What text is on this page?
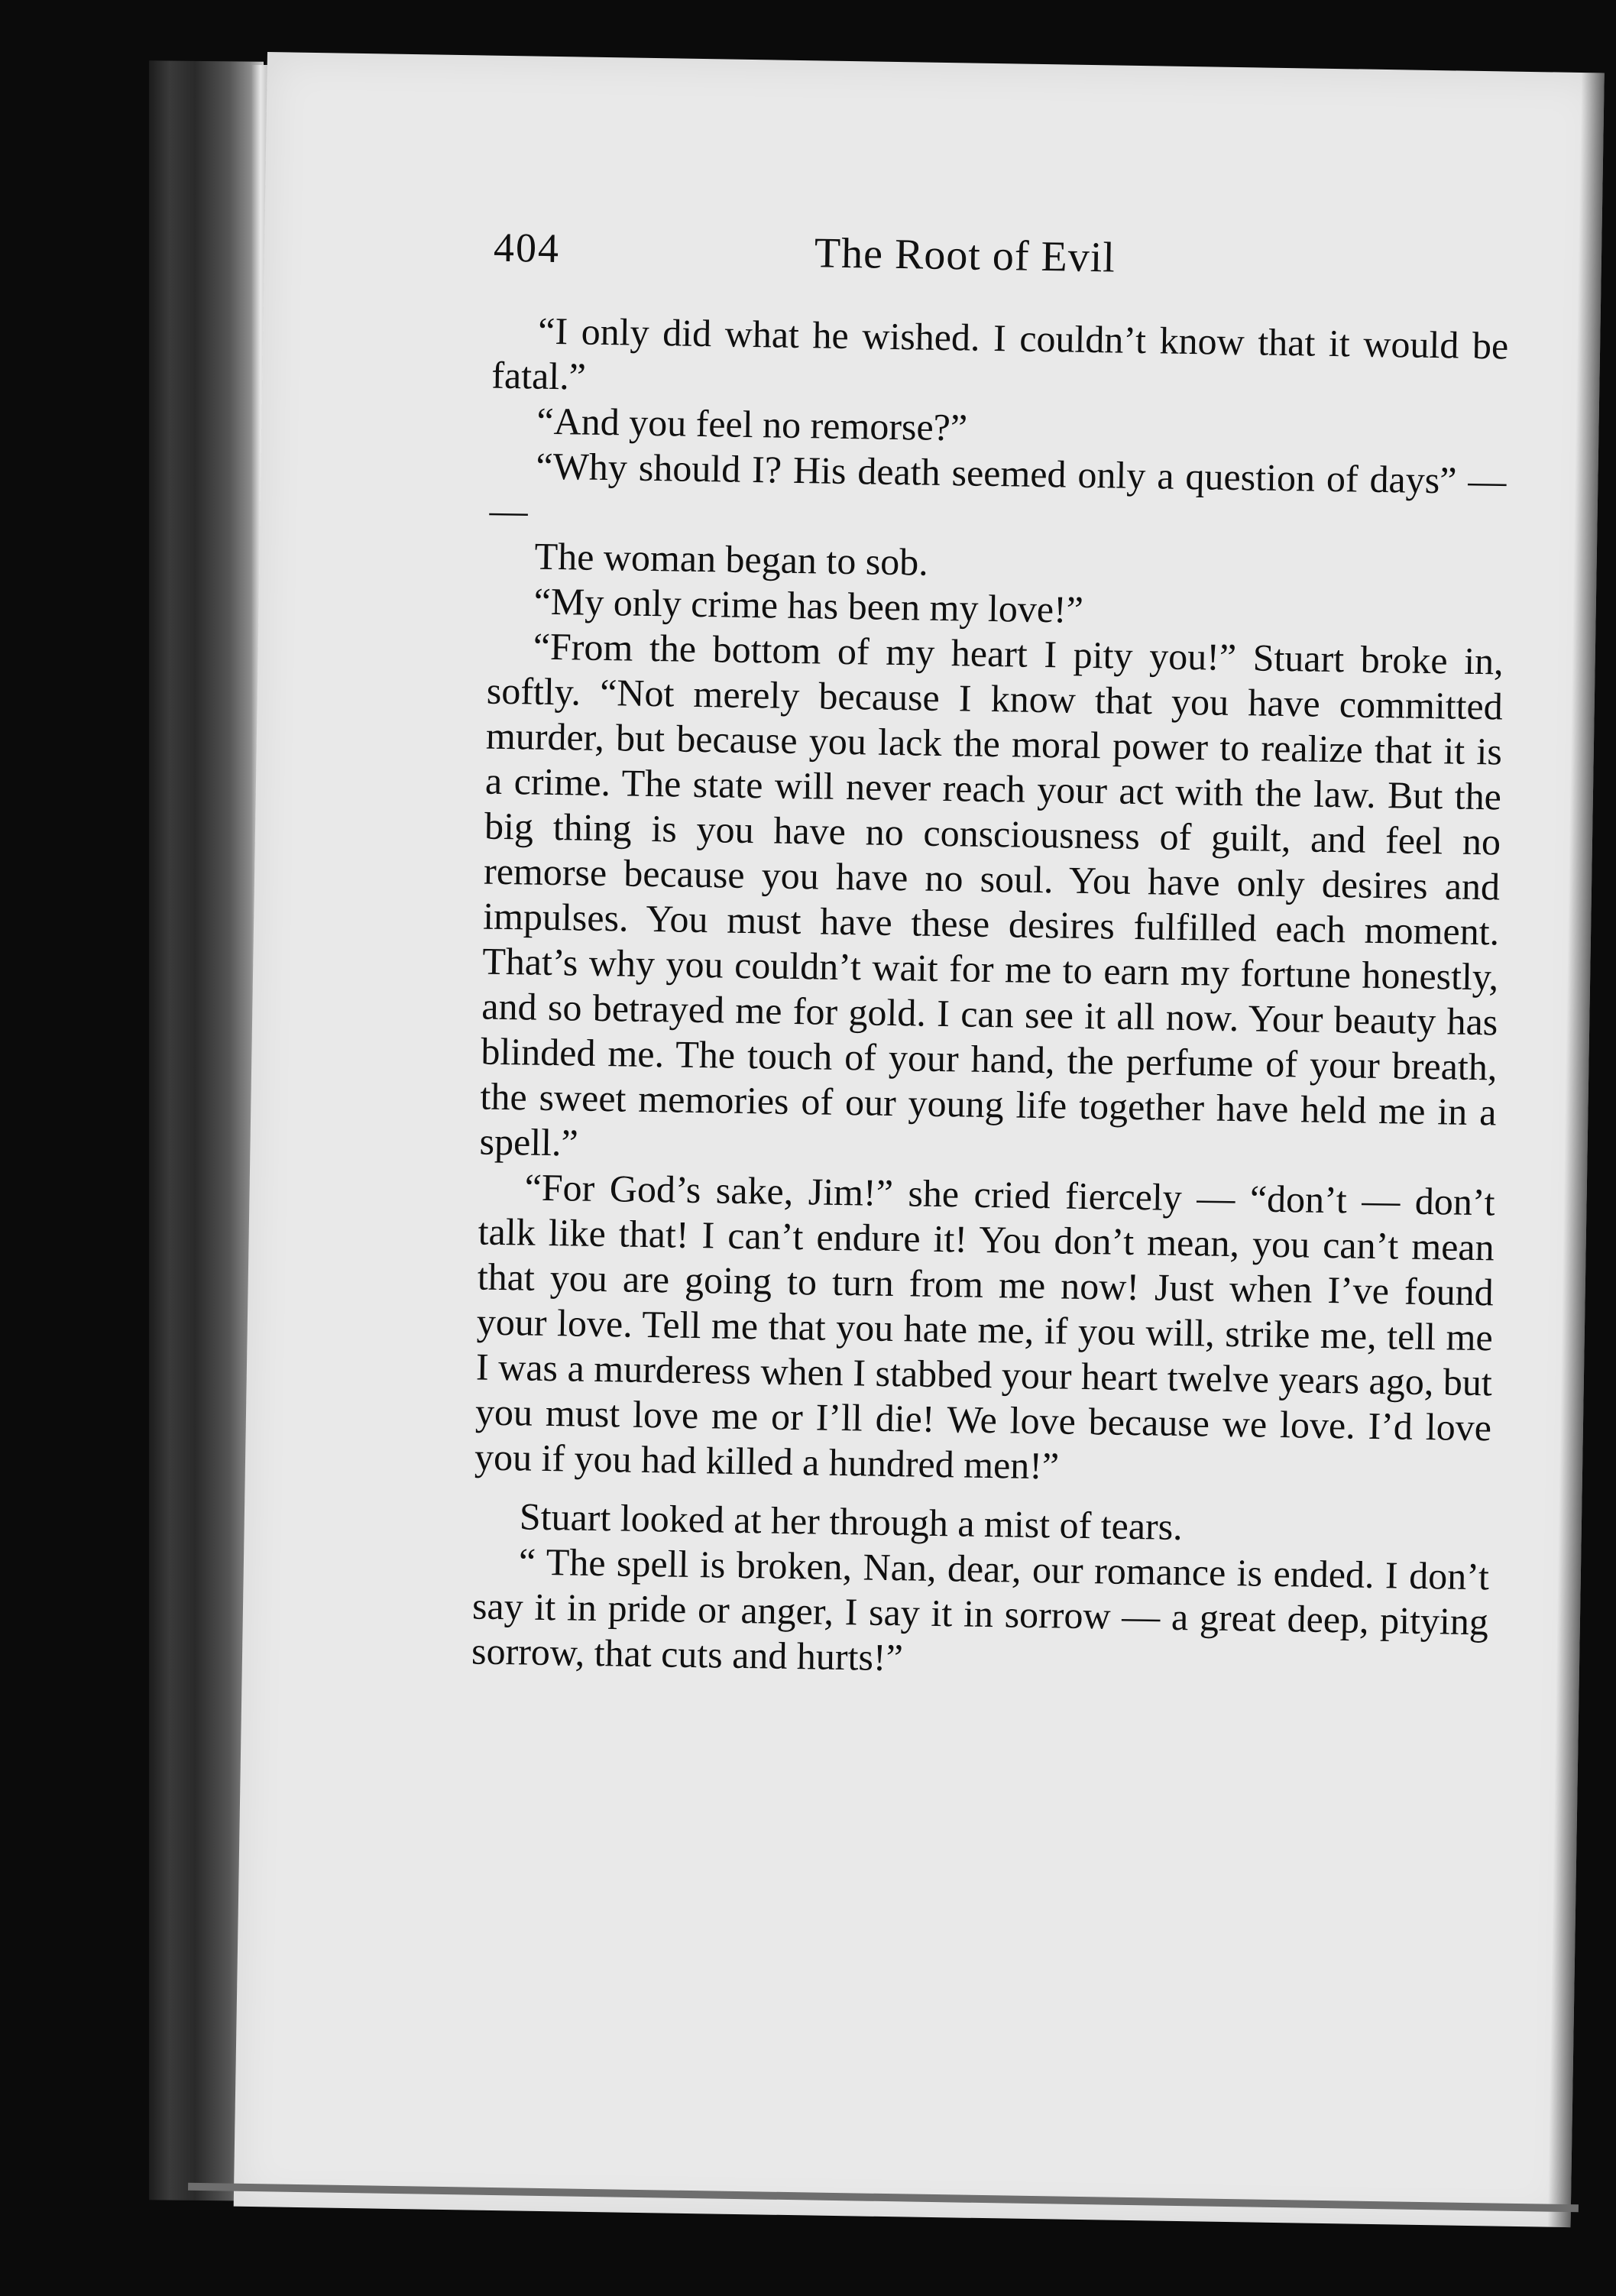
404	The Root of Evil

“I only did what he wished. I couldn’t know that it would be fatal.”

“And you feel no remorse?”

“Why should I? His death seemed only a question of days” — —

The woman began to sob.

“My only crime has been my love!”

“From the bottom of my heart I pity you!” Stuart broke in, softly. “Not merely because I know that you have committed murder, but because you lack the moral power to realize that it is a crime. The state will never reach your act with the law. But the big thing is you have no consciousness of guilt, and feel no remorse because you have no soul. You have only desires and impulses. You must have these desires fulfilled each moment. That’s why you couldn’t wait for me to earn my fortune honestly, and so betrayed me for gold. I can see it all now. Your beauty has blinded me. The touch of your hand, the perfume of your breath, the sweet memories of our young life together have held me in a spell.”

“For God’s sake, Jim!” she cried fiercely — “don’t — don’t talk like that! I can’t endure it! You don’t mean, you can’t mean that you are going to turn from me now! Just when I’ve found your love. Tell me that you hate me, if you will, strike me, tell me I was a murderess when I stabbed your heart twelve years ago, but you must love me or I’ll die! We love because we love. I’d love you if you had killed a hundred men!”

Stuart looked at her through a mist of tears.

“ The spell is broken, Nan, dear, our romance is ended. I don’t say it in pride or anger, I say it in sorrow — a great deep, pitying sorrow, that cuts and hurts!”
